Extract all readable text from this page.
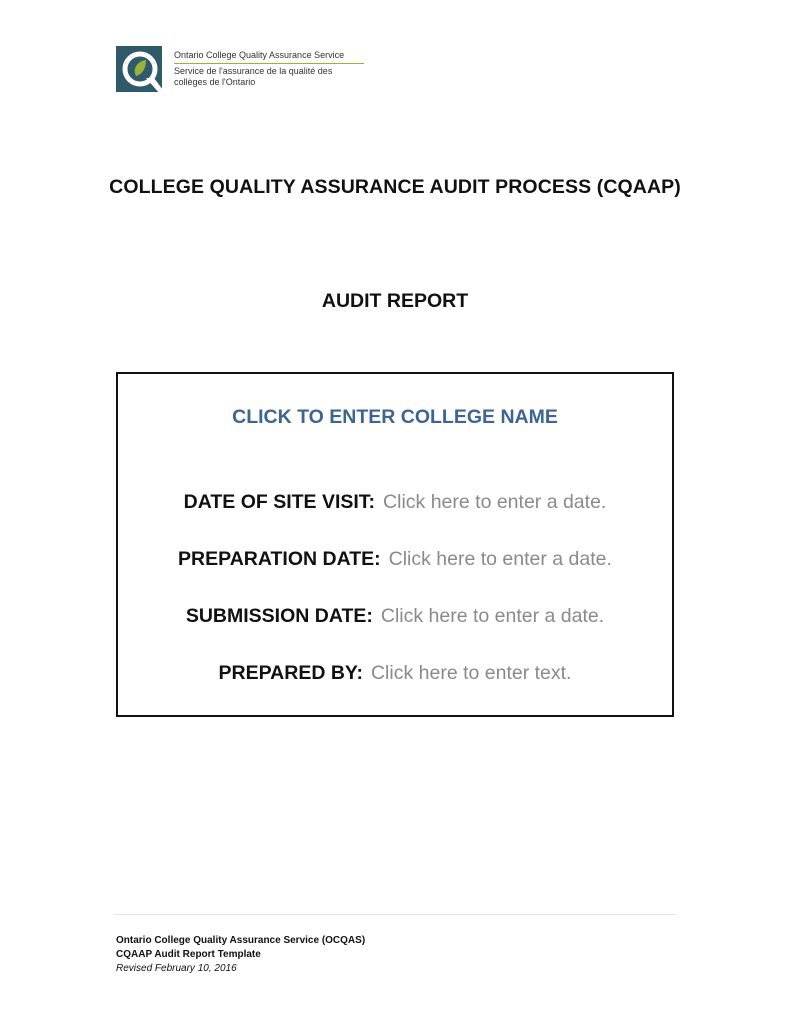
Ontario College Quality Assurance Service
Service de l'assurance de la qualité des
collèges de l'Ontario
COLLEGE QUALITY ASSURANCE AUDIT PROCESS (CQAAP)
AUDIT REPORT
CLICK TO ENTER COLLEGE NAME
DATE OF SITE VISIT: Click here to enter a date.
PREPARATION DATE: Click here to enter a date.
SUBMISSION DATE: Click here to enter a date.
PREPARED BY: Click here to enter text.
Ontario College Quality Assurance Service (OCQAS)
CQAAP Audit Report Template
Revised February 10, 2016
